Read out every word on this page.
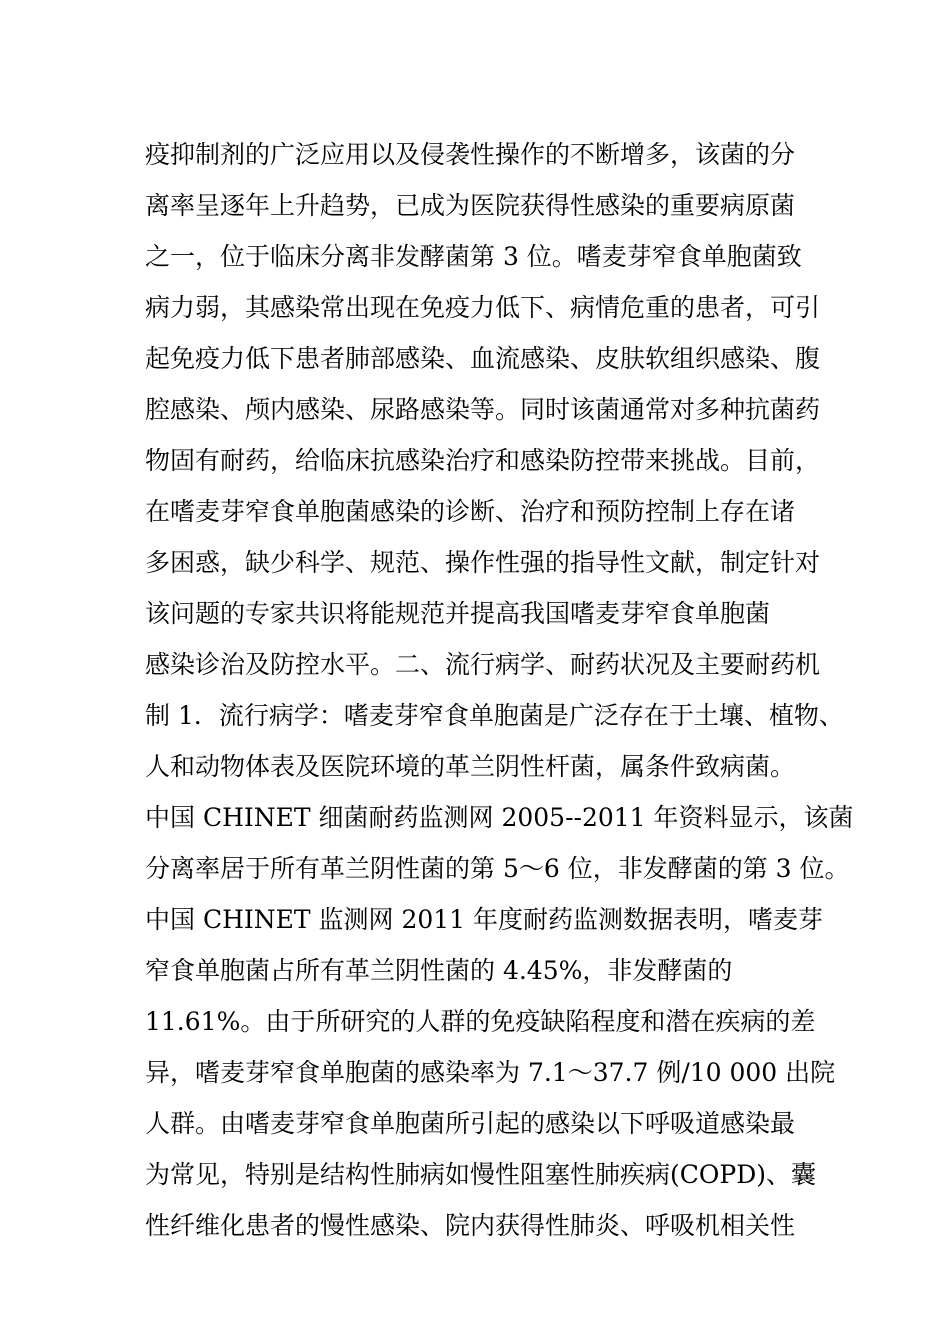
疫抑制剂的广泛应用以及侵袭性操作的不断增多，该菌的分
离率呈逐年上升趋势，已成为医院获得性感染的重要病原菌
之一，位于临床分离非发酵菌第 3 位。嗜麦芽窄食单胞菌致
病力弱，其感染常出现在免疫力低下、病情危重的患者，可引
起免疫力低下患者肺部感染、血流感染、皮肤软组织感染、腹
腔感染、颅内感染、尿路感染等。同时该菌通常对多种抗菌药
物固有耐药，给临床抗感染治疗和感染防控带来挑战。目前，
在嗜麦芽窄食单胞菌感染的诊断、治疗和预防控制上存在诸
多困惑，缺少科学、规范、操作性强的指导性文献，制定针对
该问题的专家共识将能规范并提高我国嗜麦芽窄食单胞菌
感染诊治及防控水平。二、流行病学、耐药状况及主要耐药机
制 1．流行病学：嗜麦芽窄食单胞菌是广泛存在于土壤、植物、
人和动物体表及医院环境的革兰阴性杆菌，属条件致病菌。
中国 CHINET 细菌耐药监测网 2005--2011 年资料显示，该菌
分离率居于所有革兰阴性菌的第 5～6 位，非发酵菌的第 3 位。
中国 CHINET 监测网 2011 年度耐药监测数据表明，嗜麦芽
窄食单胞菌占所有革兰阴性菌的 4.45%，非发酵菌的
11.61%。由于所研究的人群的免疫缺陷程度和潜在疾病的差
异，嗜麦芽窄食单胞菌的感染率为 7.1～37.7 例/10 000 出院
人群。由嗜麦芽窄食单胞菌所引起的感染以下呼吸道感染最
为常见，特别是结构性肺病如慢性阻塞性肺疾病(COPD)、囊
性纤维化患者的慢性感染、院内获得性肺炎、呼吸机相关性
